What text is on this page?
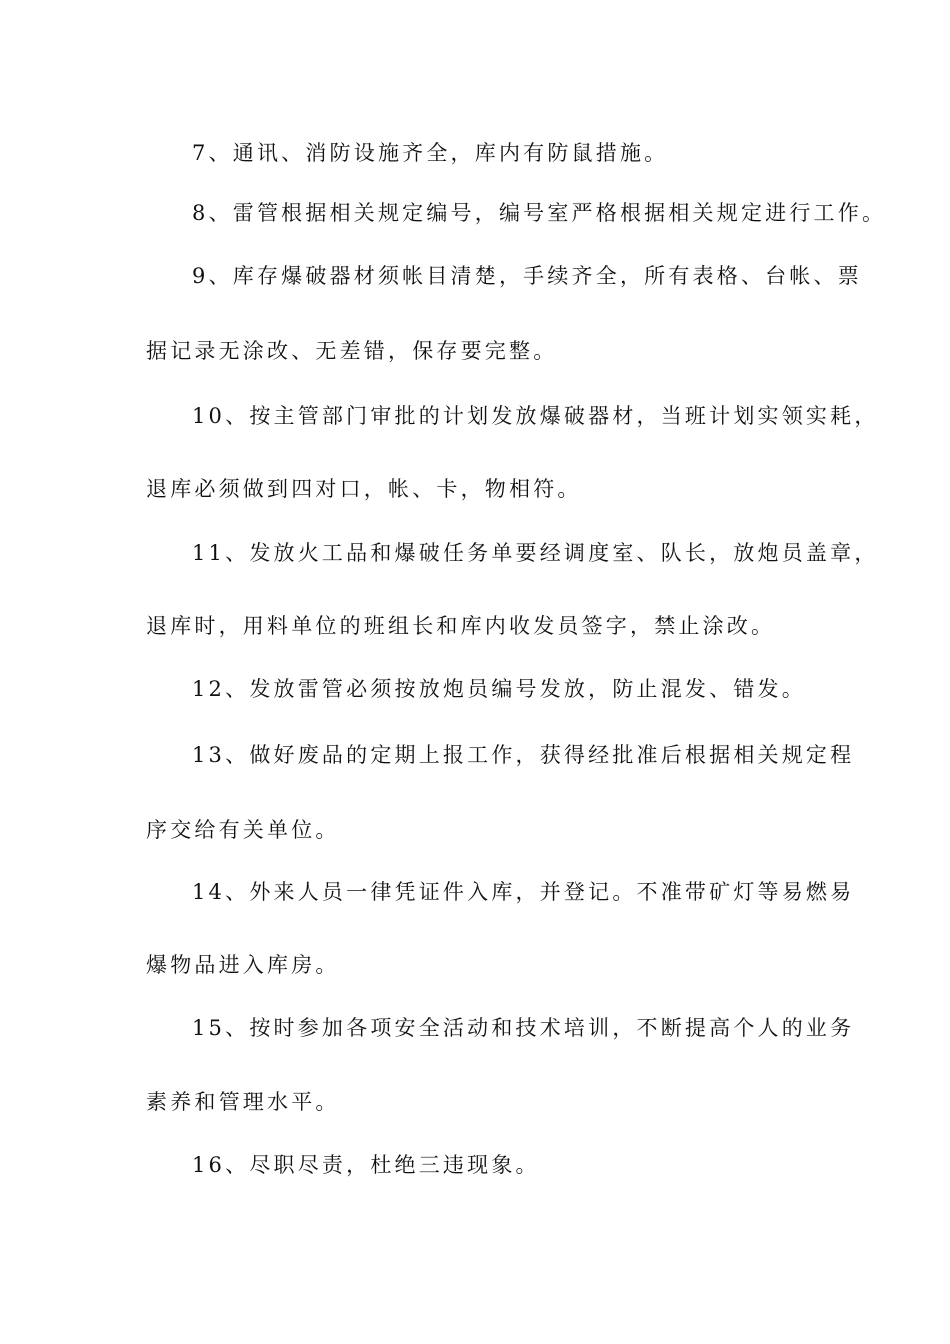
7、通讯、消防设施齐全，库内有防鼠措施。

8、雷管根据相关规定编号，编号室严格根据相关规定进行工作。

9、库存爆破器材须帐目清楚，手续齐全，所有表格、台帐、票

据记录无涂改、无差错，保存要完整。

10、按主管部门审批的计划发放爆破器材，当班计划实领实耗，

退库必须做到四对口，帐、卡，物相符。

11、发放火工品和爆破任务单要经调度室、队长，放炮员盖章，

退库时，用料单位的班组长和库内收发员签字，禁止涂改。

12、发放雷管必须按放炮员编号发放，防止混发、错发。

13、做好废品的定期上报工作，获得经批准后根据相关规定程

序交给有关单位。

14、外来人员一律凭证件入库，并登记。不准带矿灯等易燃易

爆物品进入库房。

15、按时参加各项安全活动和技术培训，不断提高个人的业务

素养和管理水平。

16、尽职尽责，杜绝三违现象。
